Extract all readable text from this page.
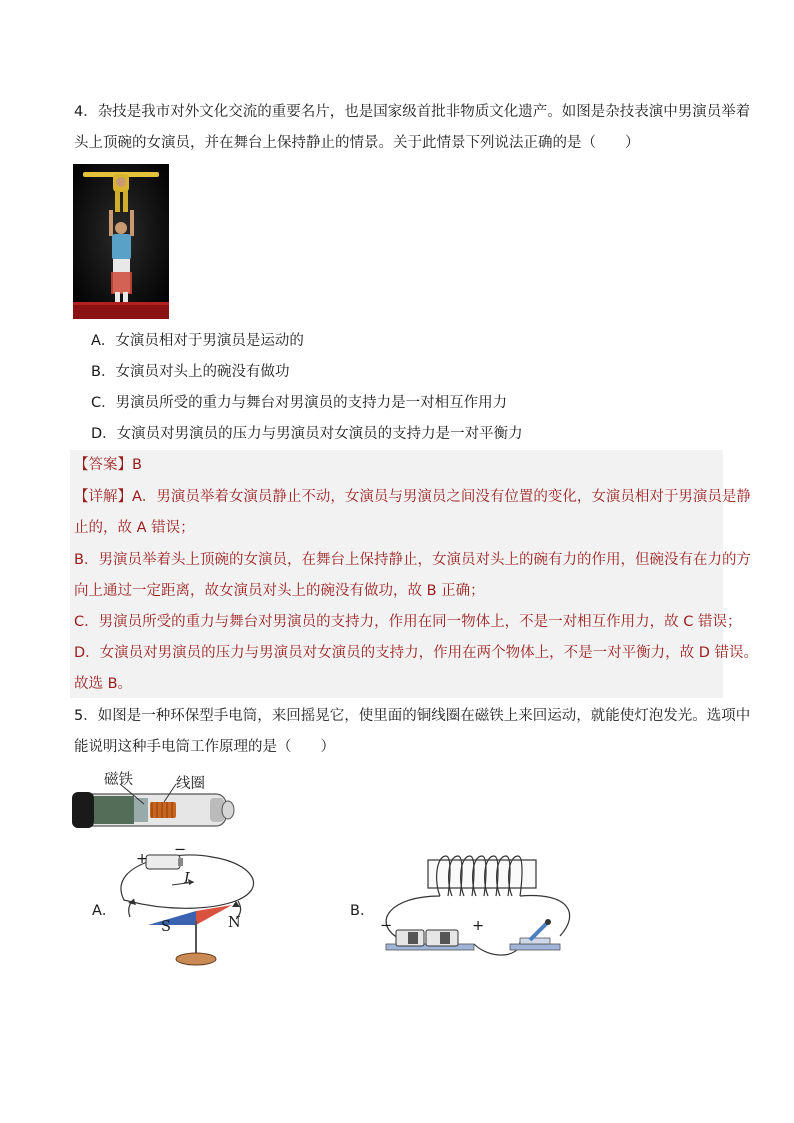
4．杂技是我市对外文化交流的重要名片，也是国家级首批非物质文化遗产。如图是杂技表演中男演员举着
头上顶碗的女演员，并在舞台上保持静止的情景。关于此情景下列说法正确的是（　　）
A．女演员相对于男演员是运动的
B．女演员对头上的碗没有做功
C．男演员所受的重力与舞台对男演员的支持力是一对相互作用力
D．女演员对男演员的压力与男演员对女演员的支持力是一对平衡力
【答案】B
【详解】A．男演员举着女演员静止不动，女演员与男演员之间没有位置的变化，女演员相对于男演员是静
止的，故 A 错误；
B．男演员举着头上顶碗的女演员，在舞台上保持静止，女演员对头上的碗有力的作用，但碗没有在力的方
向上通过一定距离，故女演员对头上的碗没有做功，故 B 正确；
C．男演员所受的重力与舞台对男演员的支持力，作用在同一物体上，不是一对相互作用力，故 C 错误；
D．女演员对男演员的压力与男演员对女演员的支持力，作用在两个物体上，不是一对平衡力，故 D 错误。
故选 B。
5．如图是一种环保型手电筒，来回摇晃它，使里面的铜线圈在磁铁上来回运动，就能使灯泡发光。选项中
能说明这种手电筒工作原理的是（　　）
磁铁	线圈
A．
+
−
I
S	N
B．
−	+
